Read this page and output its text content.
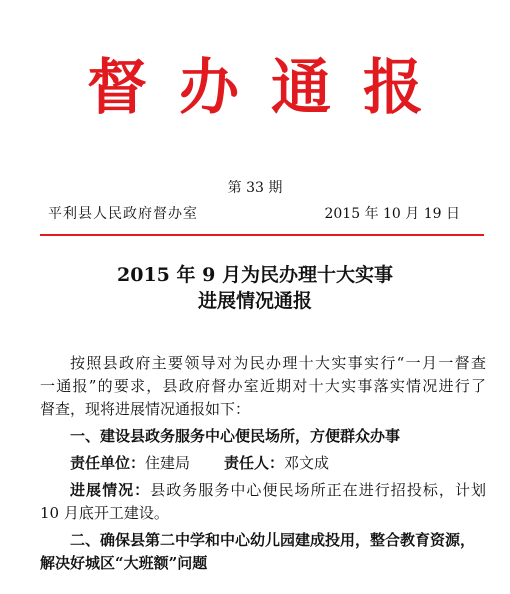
督办通报
第 33 期
平利县人民政府督办室	2015 年 10 月 19 日
2015 年 9 月为民办理十大实事
进展情况通报
按照县政府主要领导对为民办理十大实事实行“一月一督查
一通报”的要求，县政府督办室近期对十大实事落实情况进行了
督查，现将进展情况通报如下：
一、建设县政务服务中心便民场所，方便群众办事
责任单位：住建局 责任人：邓文成
进展情况：县政务服务中心便民场所正在进行招投标，计划
10 月底开工建设。
二、确保县第二中学和中心幼儿园建成投用，整合教育资源，
解决好城区“大班额”问题
